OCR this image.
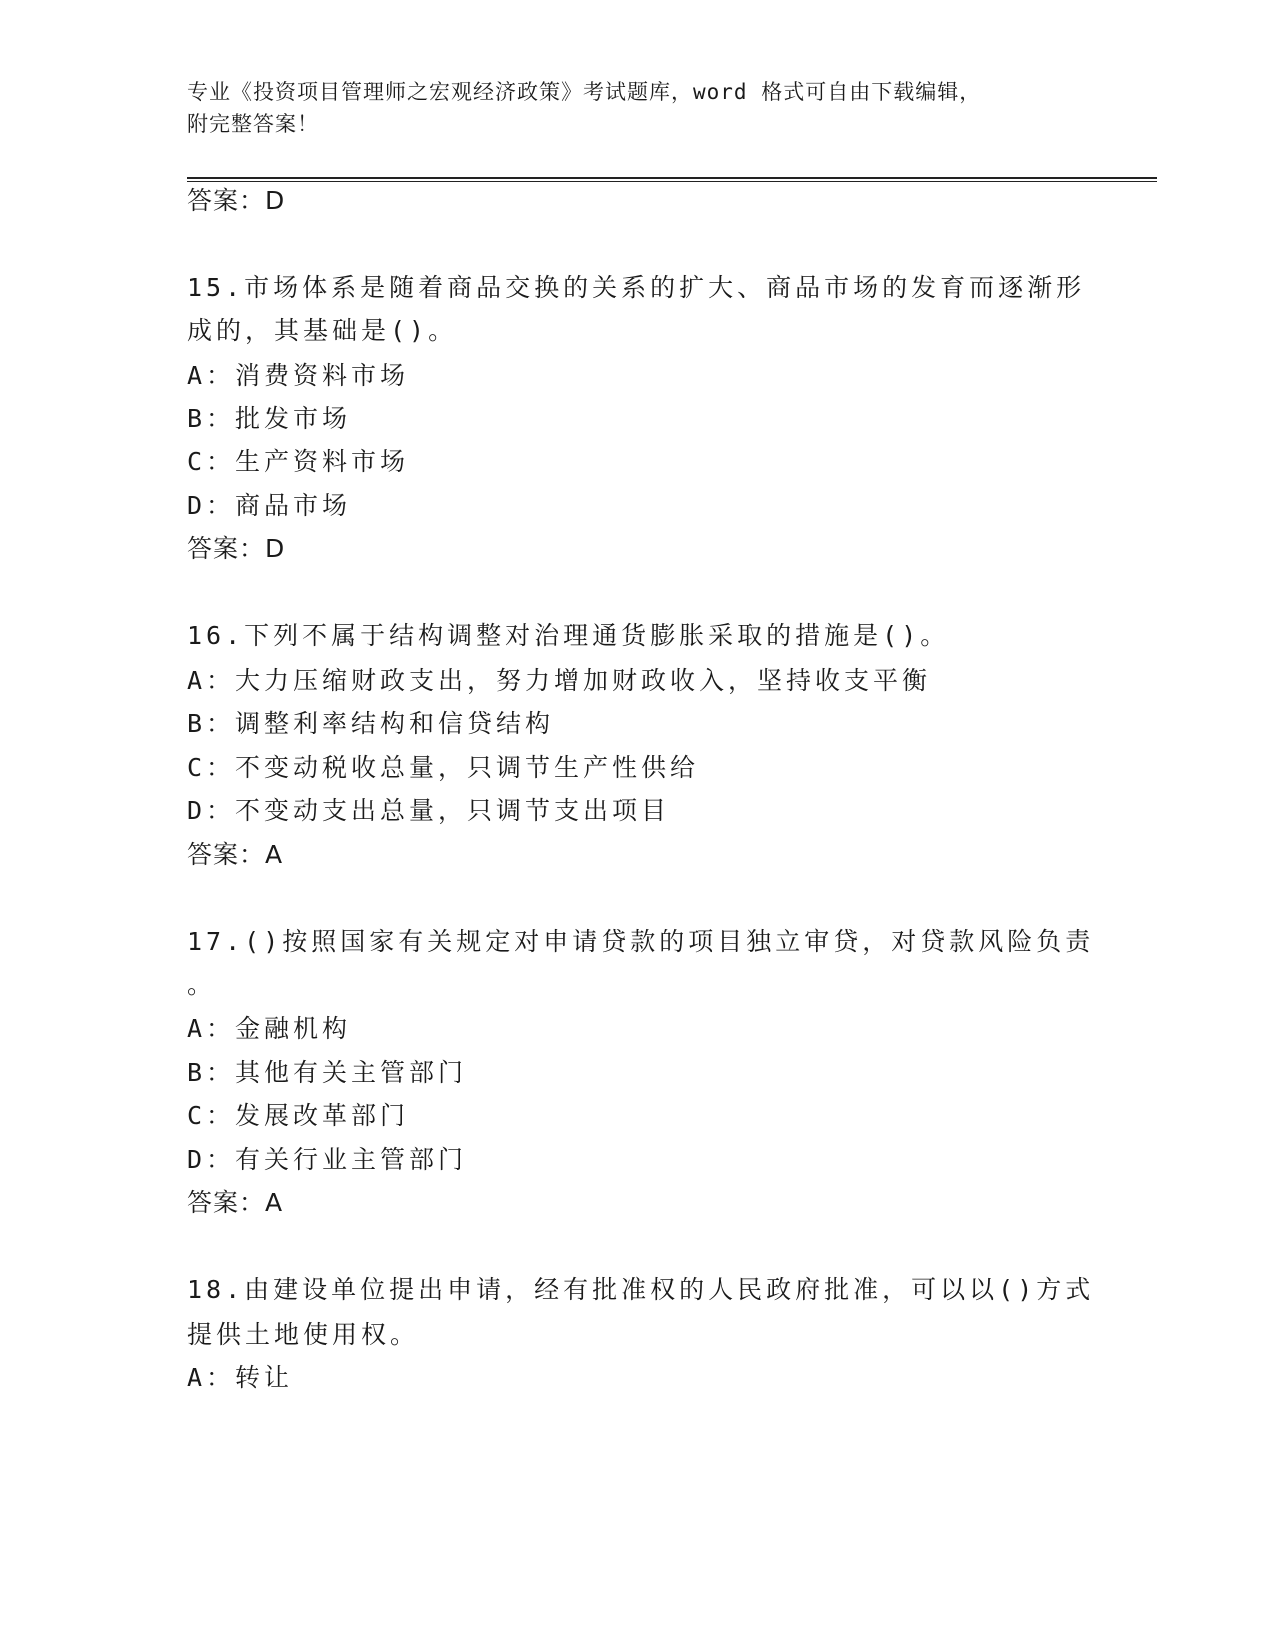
专业《投资项目管理师之宏观经济政策》考试题库，word 格式可自由下载编辑，
附完整答案！
答案：D
15.市场体系是随着商品交换的关系的扩大、商品市场的发育而逐渐形
成的，其基础是()。
A：消费资料市场
B：批发市场
C：生产资料市场
D：商品市场
答案：D
16.下列不属于结构调整对治理通货膨胀采取的措施是()。
A：大力压缩财政支出，努力增加财政收入，坚持收支平衡
B：调整利率结构和信贷结构
C：不变动税收总量，只调节生产性供给
D：不变动支出总量，只调节支出项目
答案：A
17.()按照国家有关规定对申请贷款的项目独立审贷，对贷款风险负责
。
A：金融机构
B：其他有关主管部门
C：发展改革部门
D：有关行业主管部门
答案：A
18.由建设单位提出申请，经有批准权的人民政府批准，可以以()方式
提供土地使用权。
A：转让
